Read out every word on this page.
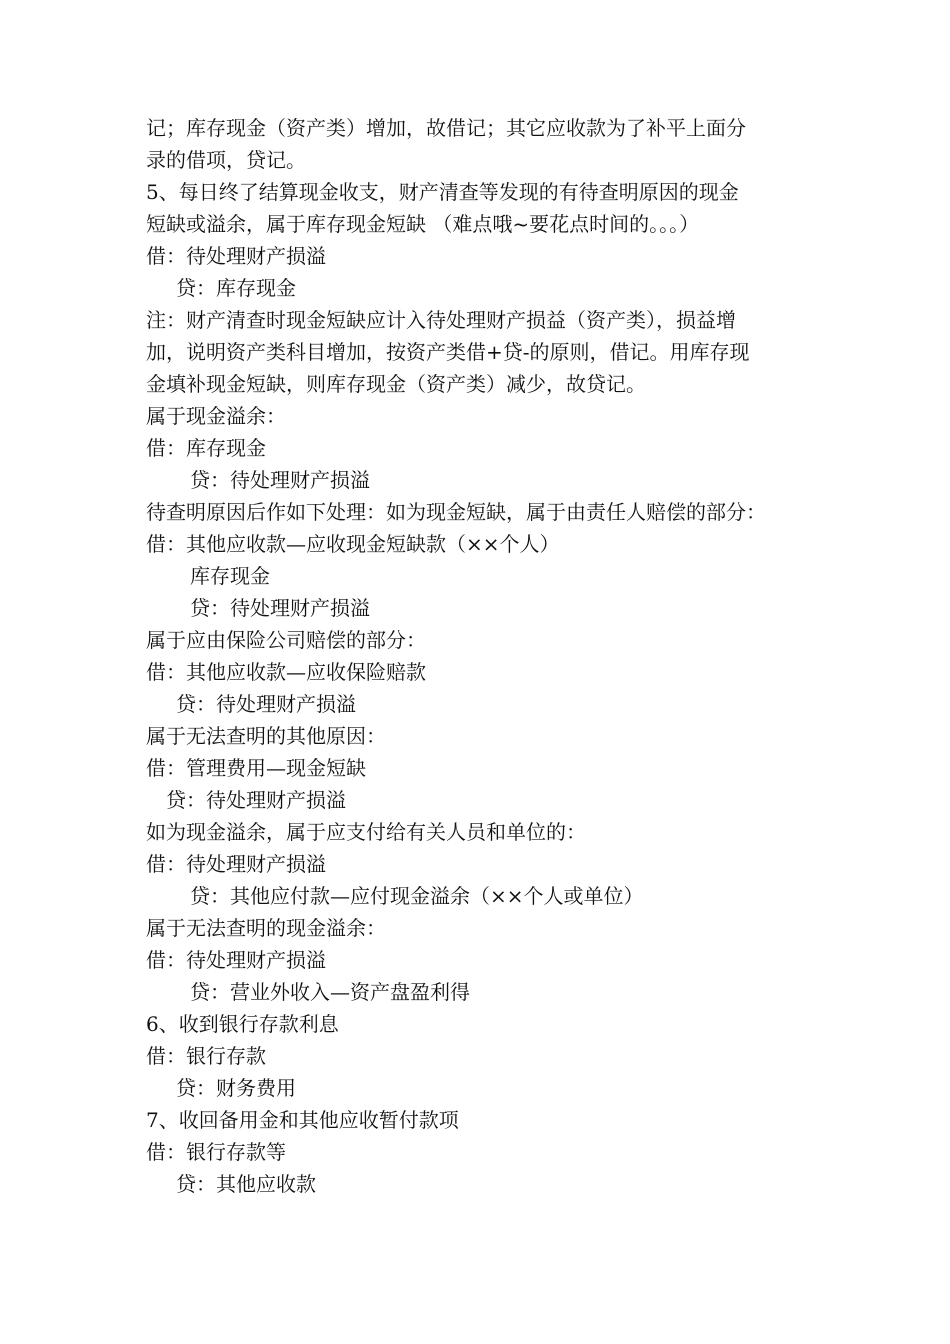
记；库存现金（资产类）增加，故借记；其它应收款为了补平上面分
录的借项，贷记。
5、每日终了结算现金收支，财产清查等发现的有待查明原因的现金
短缺或溢余，属于库存现金短缺 （难点哦~要花点时间的。。。）
借：待处理财产损溢
贷：库存现金
注：财产清查时现金短缺应计入待处理财产损益（资产类），损益增
加，说明资产类科目增加，按资产类借+贷-的原则，借记。用库存现
金填补现金短缺，则库存现金（资产类）减少，故贷记。
属于现金溢余：
借：库存现金
贷：待处理财产损溢
待查明原因后作如下处理：如为现金短缺，属于由责任人赔偿的部分：
借：其他应收款—应收现金短缺款（××个人）
库存现金
贷：待处理财产损溢
属于应由保险公司赔偿的部分：
借：其他应收款—应收保险赔款
贷：待处理财产损溢
属于无法查明的其他原因：
借：管理费用—现金短缺
贷：待处理财产损溢
如为现金溢余，属于应支付给有关人员和单位的：
借：待处理财产损溢
贷：其他应付款—应付现金溢余（××个人或单位）
属于无法查明的现金溢余：
借：待处理财产损溢
贷：营业外收入—资产盘盈利得
6、收到银行存款利息
借：银行存款
贷：财务费用
7、收回备用金和其他应收暂付款项
借：银行存款等
贷：其他应收款
